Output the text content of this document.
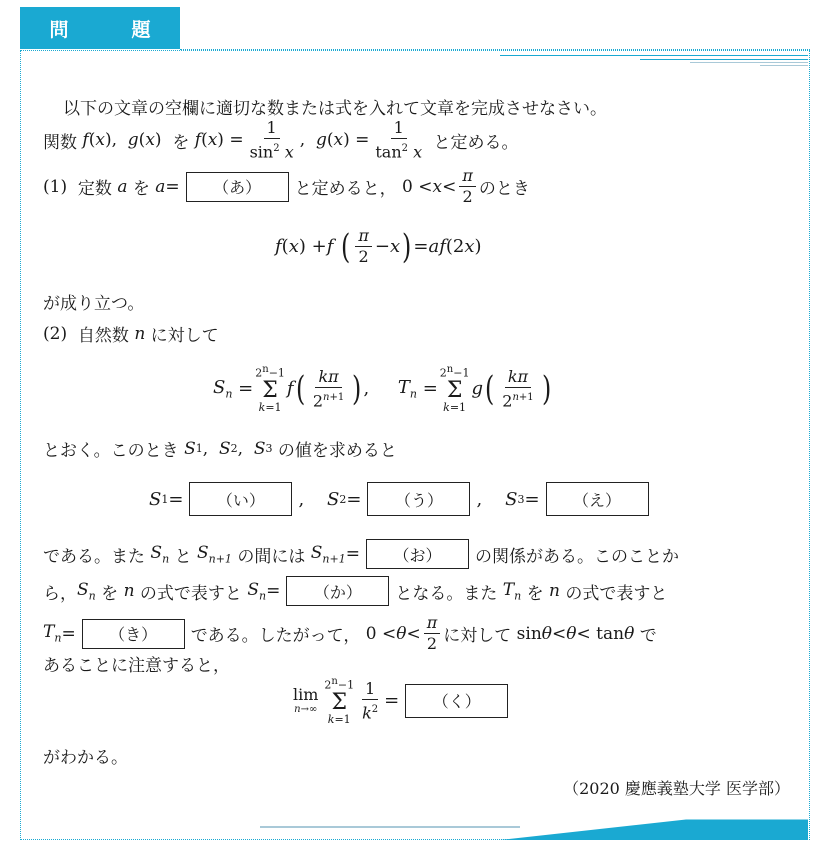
問　題
以下の文章の空欄に適切な数または式を入れて文章を完成させなさい。
関数
f ( x ), g ( x ) を
f ( x ) = $\frac{1}{\sin^2 x}$ , g ( x ) = $\frac{1}{\tan^2 x}$
と定める。
(1)
定数
a
を
a = （あ） と定めると， $0 < x < \frac{\pi}{2}$ のとき
f ( x ) + f
( $\frac{\pi}{2} - x$ ) = af (2 x )
が成り立つ。
(2)
自然数
n
に対して
$S_n$ =
$2^n-1$
Σ
k=1
f ( $\frac{k\pi}{2^{n+1}}$ ) , $T_n$ =
$2^n-1$
Σ
k=1
g ( $\frac{k\pi}{2^{n+1}}$ )
とおく。このとき
S 1 , S 2 , S 3
の値を求めると
S 1 = （い） , S 2 = （う） , S 3 = （え）
である。また
$S_n$
と
$S_{n+1}$
の間には
$S_{n+1}$ = （お） の関係がある。このことか
ら， $S_n$
を
n
の式で表すと
$S_n$ = （か） となる。また
$T_n$
を
n
の式で表すと
$T_n$ = （き） である。したがって， $0 < \theta < \frac{\pi}{2}$ に対して sin θ < θ < tan θ
で
あることに注意すると，
lim
n→∞
$2^n-1$
Σ
$k=1 \frac{1}{k^2}$ = （く）
がわかる。
（2020 慶應義塾大学 医学部）
